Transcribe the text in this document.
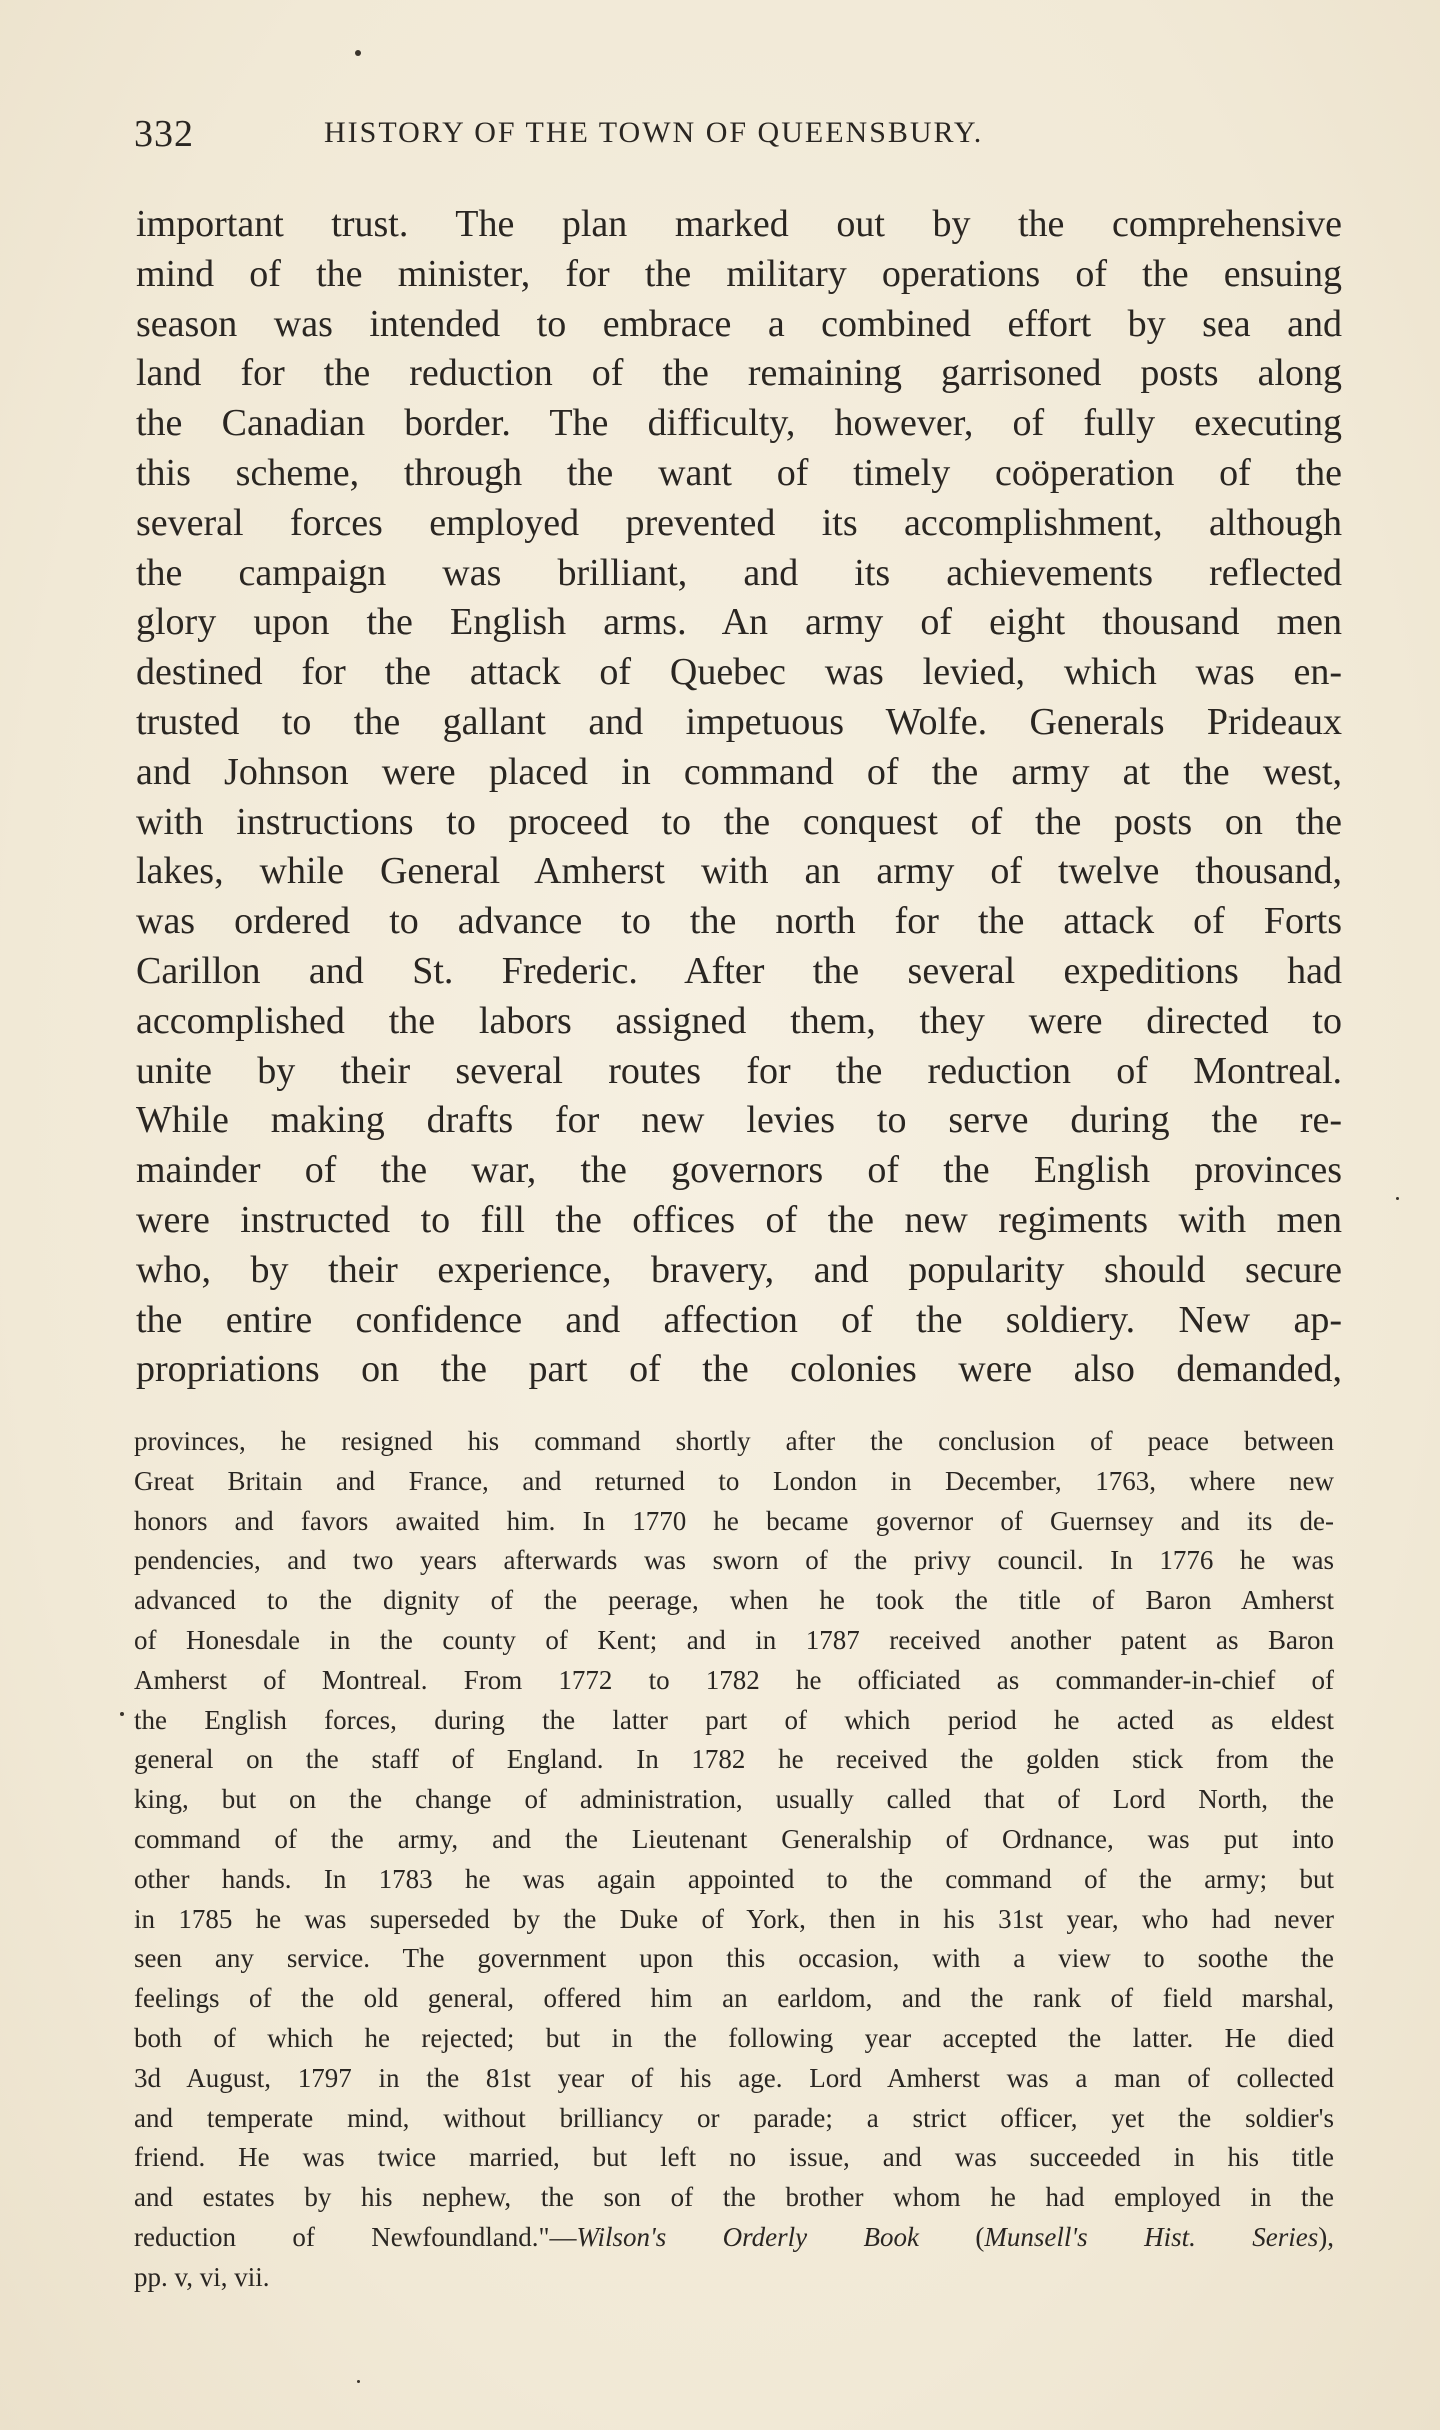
332	HISTORY OF THE TOWN OF QUEENSBURY.
important trust. The plan marked out by the comprehensive
mind of the minister, for the military operations of the ensuing
season was intended to embrace a combined effort by sea and
land for the reduction of the remaining garrisoned posts along
the Canadian border. The difficulty, however, of fully executing
this scheme, through the want of timely coöperation of the
several forces employed prevented its accomplishment, although
the campaign was brilliant, and its achievements reflected
glory upon the English arms. An army of eight thousand men
destined for the attack of Quebec was levied, which was en-
trusted to the gallant and impetuous Wolfe. Generals Prideaux
and Johnson were placed in command of the army at the west,
with instructions to proceed to the conquest of the posts on the
lakes, while General Amherst with an army of twelve thousand,
was ordered to advance to the north for the attack of Forts
Carillon and St. Frederic. After the several expeditions had
accomplished the labors assigned them, they were directed to
unite by their several routes for the reduction of Montreal.
While making drafts for new levies to serve during the re-
mainder of the war, the governors of the English provinces
were instructed to fill the offices of the new regiments with men
who, by their experience, bravery, and popularity should secure
the entire confidence and affection of the soldiery. New ap-
propriations on the part of the colonies were also demanded,
provinces, he resigned his command shortly after the conclusion of peace between
Great Britain and France, and returned to London in December, 1763, where new
honors and favors awaited him. In 1770 he became governor of Guernsey and its de-
pendencies, and two years afterwards was sworn of the privy council. In 1776 he was
advanced to the dignity of the peerage, when he took the title of Baron Amherst
of Honesdale in the county of Kent; and in 1787 received another patent as Baron
Amherst of Montreal. From 1772 to 1782 he officiated as commander-in-chief of
the English forces, during the latter part of which period he acted as eldest
general on the staff of England. In 1782 he received the golden stick from the
king, but on the change of administration, usually called that of Lord North, the
command of the army, and the Lieutenant Generalship of Ordnance, was put into
other hands. In 1783 he was again appointed to the command of the army; but
in 1785 he was superseded by the Duke of York, then in his 31st year, who had never
seen any service. The government upon this occasion, with a view to soothe the
feelings of the old general, offered him an earldom, and the rank of field marshal,
both of which he rejected; but in the following year accepted the latter. He died
3d August, 1797 in the 81st year of his age. Lord Amherst was a man of collected
and temperate mind, without brilliancy or parade; a strict officer, yet the soldier's
friend. He was twice married, but left no issue, and was succeeded in his title
and estates by his nephew, the son of the brother whom he had employed in the
reduction of Newfoundland."—Wilson's Orderly Book (Munsell's Hist. Series),
pp. v, vi, vii.
